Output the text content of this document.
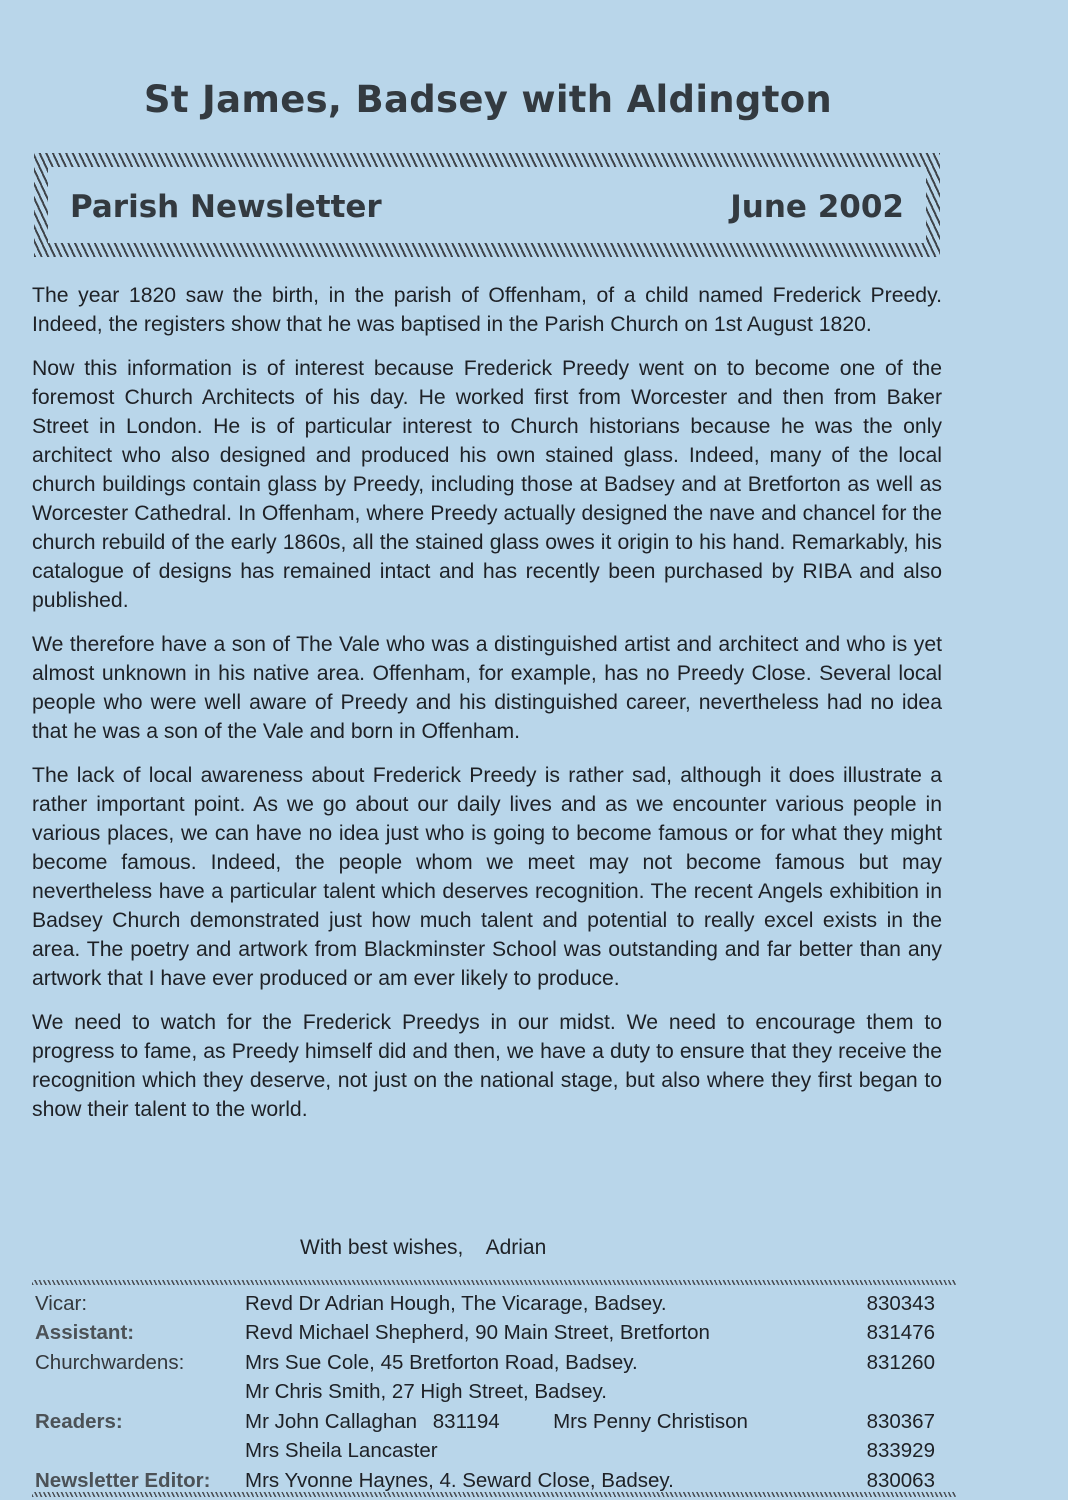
St James, Badsey with Aldington
Parish Newsletter	June 2002

The year 1820 saw the birth, in the parish of Offenham, of a child named Frederick Preedy. Indeed, the registers show that he was baptised in the Parish Church on 1st August 1820.

Now this information is of interest because Frederick Preedy went on to become one of the foremost Church Architects of his day. He worked first from Worcester and then from Baker Street in London. He is of particular interest to Church historians because he was the only architect who also designed and produced his own stained glass. Indeed, many of the local church buildings contain glass by Preedy, including those at Badsey and at Bretforton as well as Worcester Cathedral. In Offenham, where Preedy actually designed the nave and chancel for the church rebuild of the early 1860s, all the stained glass owes it origin to his hand. Remarkably, his catalogue of designs has remained intact and has recently been purchased by RIBA and also published.

We therefore have a son of The Vale who was a distinguished artist and architect and who is yet almost unknown in his native area. Offenham, for example, has no Preedy Close. Several local people who were well aware of Preedy and his distinguished career, nevertheless had no idea that he was a son of the Vale and born in Offenham.

The lack of local awareness about Frederick Preedy is rather sad, although it does illustrate a rather important point. As we go about our daily lives and as we encounter various people in various places, we can have no idea just who is going to become famous or for what they might become famous. Indeed, the people whom we meet may not become famous but may nevertheless have a particular talent which deserves recognition. The recent Angels exhibition in Badsey Church demonstrated just how much talent and potential to really excel exists in the area. The poetry and artwork from Blackminster School was outstanding and far better than any artwork that I have ever produced or am ever likely to produce.

We need to watch for the Frederick Preedys in our midst. We need to encourage them to progress to fame, as Preedy himself did and then, we have a duty to ensure that they receive the recognition which they deserve, not just on the national stage, but also where they first began to show their talent to the world.

With best wishes,    Adrian
Vicar:	Revd Dr Adrian Hough, The Vicarage, Badsey.	830343
Assistant:	Revd Michael Shepherd, 90 Main Street, Bretforton	831476
Churchwardens:	Mrs Sue Cole, 45 Bretforton Road, Badsey.	831260
	Mr Chris Smith, 27 High Street, Badsey.	
Readers:	Mr John Callaghan 831194 Mrs Penny Christison	830367
	Mrs Sheila Lancaster	833929
Newsletter Editor:	Mrs Yvonne Haynes, 4. Seward Close, Badsey.	830063
